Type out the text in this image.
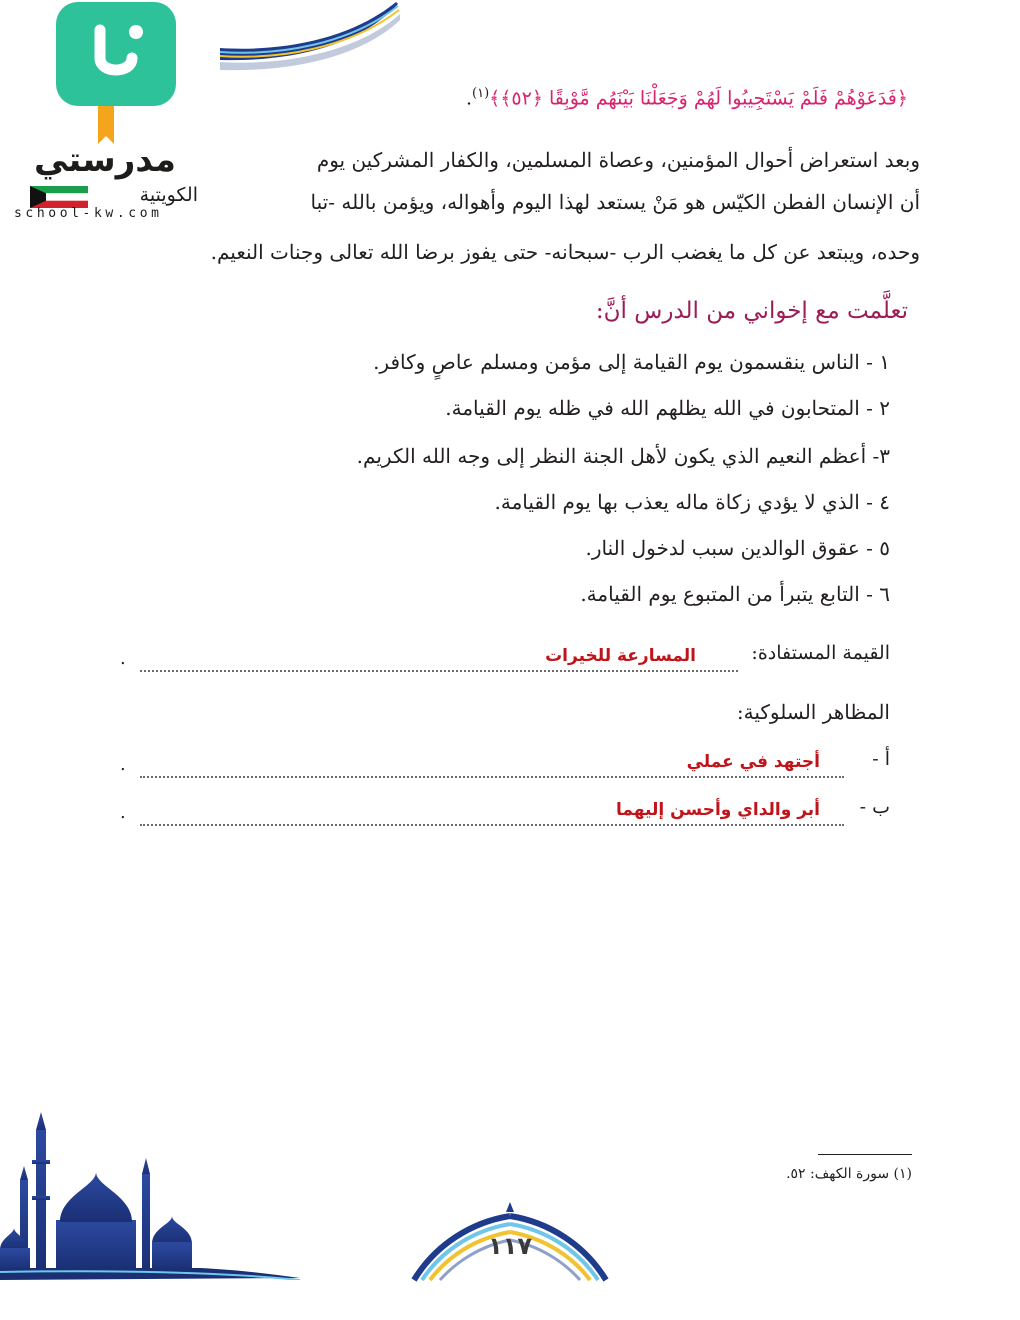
مدرستي
الكويتية
school-kw.com
﴿فَدَعَوْهُمْ فَلَمْ يَسْتَجِيبُوا لَهُمْ وَجَعَلْنَا بَيْنَهُم مَّوْبِقًا ﴿٥٢﴾﴾$^{(١)}$.
وبعد استعراض أحوال المؤمنين، وعصاة المسلمين، والكفار المشركين يوم
أن الإنسان الفطن الكيّس هو مَنْ يستعد لهذا اليوم وأهواله، ويؤمن بالله -تبا
وحده، ويبتعد عن كل ما يغضب الرب -سبحانه- حتى يفوز برضا الله تعالى وجنات النعيم.
تعلَّمت مع إخواني من الدرس أنَّ:
١ - الناس ينقسمون يوم القيامة إلى مؤمن ومسلم عاصٍ وكافر.
٢ - المتحابون في الله يظلهم الله في ظله يوم القيامة.
٣- أعظم النعيم الذي يكون لأهل الجنة النظر إلى وجه الله الكريم.
٤ - الذي لا يؤدي زكاة ماله يعذب بها يوم القيامة.
٥ - عقوق الوالدين سبب لدخول النار.
٦ - التابع يتبرأ من المتبوع يوم القيامة.
القيمة المستفادة:
المسارعة للخيرات
.
المظاهر السلوكية:
أ -
أجتهد في عملي
.
ب -
أبر والداي وأحسن إليهما
.
(١) سورة الكهف: ٥٢.
١١٧
